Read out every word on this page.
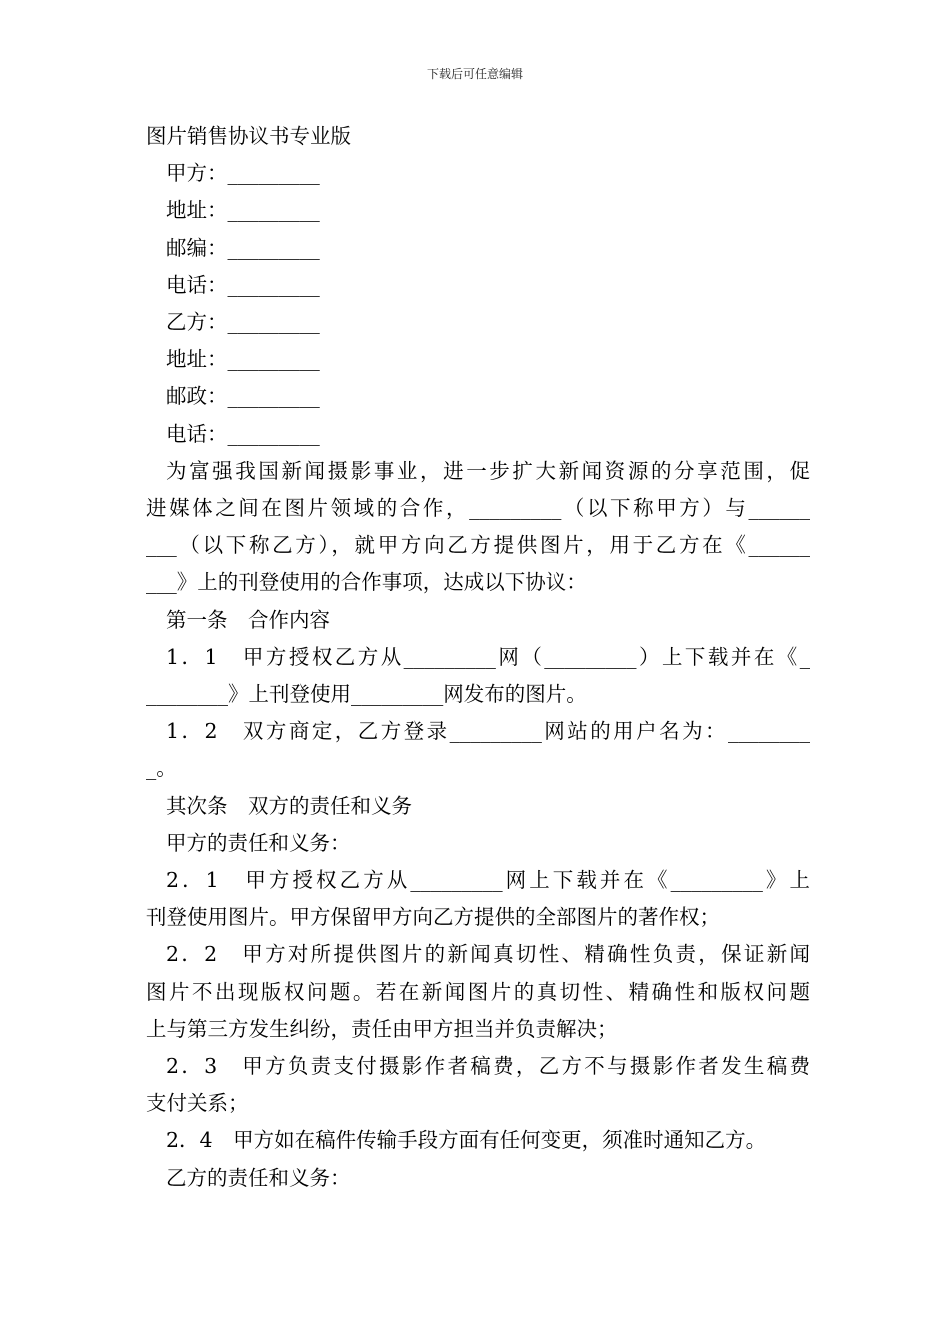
下载后可任意编辑
图片销售协议书专业版
甲方：_________
地址：_________
邮编：_________
电话：_________
乙方：_________
地址：_________
邮政：_________
电话：_________
为富强我国新闻摄影事业，进一步扩大新闻资源的分享范围，促
进媒体之间在图片领域的合作，_________（以下称甲方）与______
___（以下称乙方），就甲方向乙方提供图片，用于乙方在《______
___》上的刊登使用的合作事项，达成以下协议：
第一条　合作内容
1．1　甲方授权乙方从_________网（_________）上下载并在《_
________》上刊登使用_________网发布的图片。
1．2　双方商定，乙方登录_________网站的用户名为：________
_。
其次条　双方的责任和义务
甲方的责任和义务：
2．1　甲方授权乙方从_________网上下载并在《_________》上
刊登使用图片。甲方保留甲方向乙方提供的全部图片的著作权；
2．2　甲方对所提供图片的新闻真切性、精确性负责，保证新闻
图片不出现版权问题。若在新闻图片的真切性、精确性和版权问题
上与第三方发生纠纷，责任由甲方担当并负责解决；
2．3　甲方负责支付摄影作者稿费，乙方不与摄影作者发生稿费
支付关系；
2．4　甲方如在稿件传输手段方面有任何变更，须准时通知乙方。
乙方的责任和义务：
